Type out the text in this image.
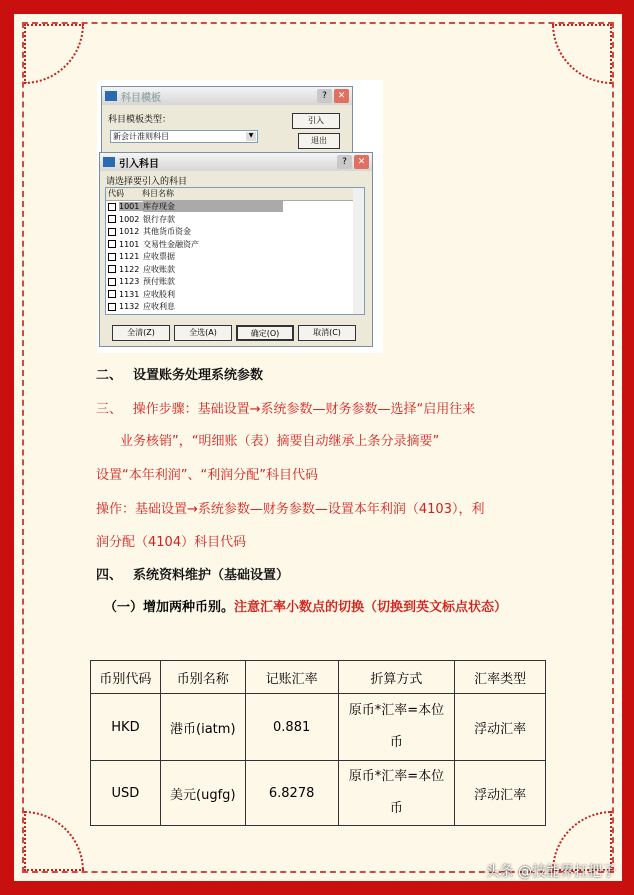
科目模板	?	✕
科目模板类型：
新会计准则科目	▼
引入
退出
引入科目	?	✕
请选择要引入的科目
代码	科目名称
1001 库存现金
1002 银行存款
1012 其他货币资金
1101 交易性金融资产
1121 应收票据
1122 应收账款
1123 预付账款
1131 应收股利
1132 应收利息
全清(Z)	全选(A)	确定(O)	取消(C)
二、　 设置账务处理系统参数
三、　 操作步骤：基础设置→系统参数—财务参数—选择“启用往来
业务核销”，“明细账（表）摘要自动继承上条分录摘要”
设置“本年利润”、“利润分配”科目代码
操作：基础设置→系统参数—财务参数—设置本年利润（4103），利
润分配（4104）科目代码
四、　 系统资料维护（基础设置）
（一）增加两种币别。注意汇率小数点的切换（切换到英文标点状态）
币别代码	币别名称	记账汇率	折算方式	汇率类型
HKD	港币(iatm)	0.881	原币*汇率=本位币	浮动汇率
USD	美元(ugfg)	6.8278	原币*汇率=本位币	浮动汇率
头条 @技能界扛把子
